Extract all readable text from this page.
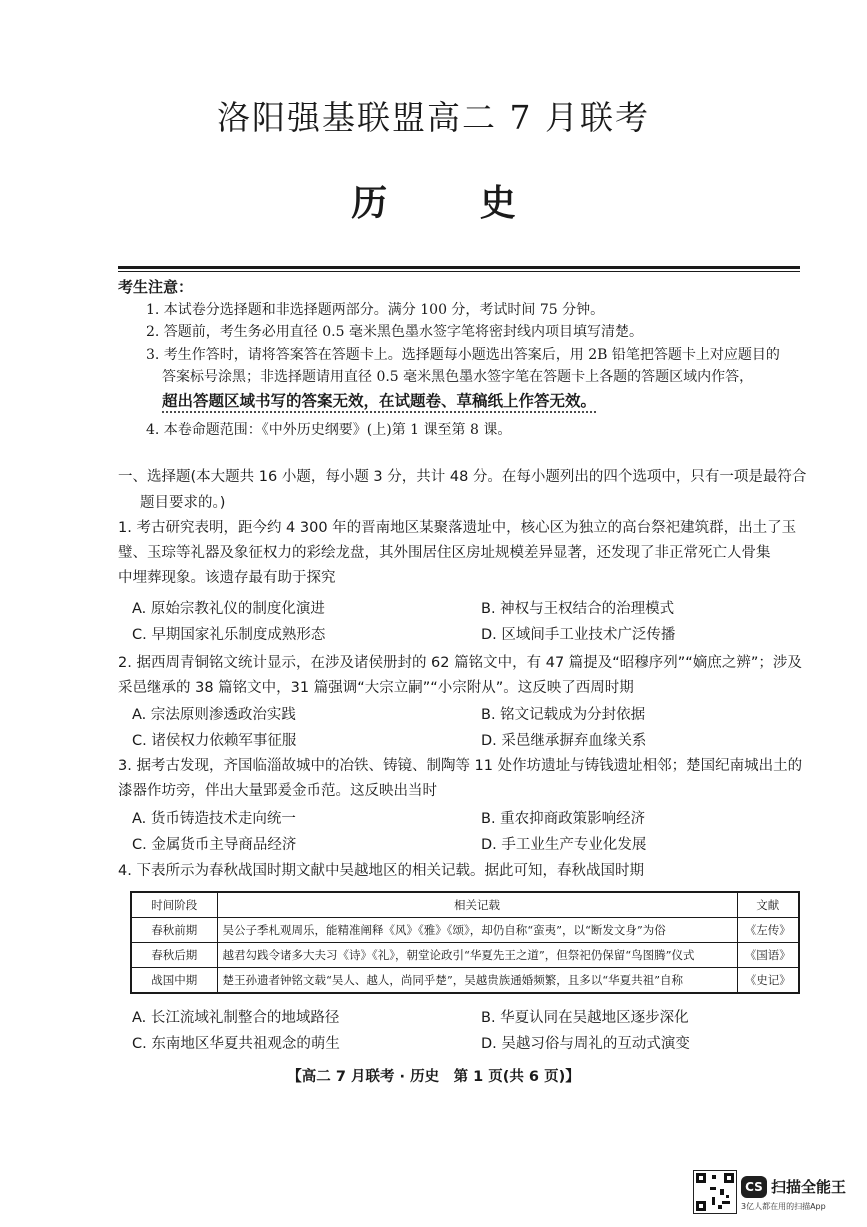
洛阳强基联盟高二 7 月联考
历 史
考生注意：
1. 本试卷分选择题和非选择题两部分。满分 100 分，考试时间 75 分钟。
2. 答题前，考生务必用直径 0.5 毫米黑色墨水签字笔将密封线内项目填写清楚。
3. 考生作答时，请将答案答在答题卡上。选择题每小题选出答案后，用 2B 铅笔把答题卡上对应题目的
答案标号涂黑；非选择题请用直径 0.5 毫米黑色墨水签字笔在答题卡上各题的答题区域内作答，
超出答题区域书写的答案无效，在试题卷、草稿纸上作答无效。
4. 本卷命题范围：《中外历史纲要》(上)第 1 课至第 8 课。
一、选择题(本大题共 16 小题，每小题 3 分，共计 48 分。在每小题列出的四个选项中，只有一项是最符合
题目要求的。)
1. 考古研究表明，距今约 4 300 年的晋南地区某聚落遗址中，核心区为独立的高台祭祀建筑群，出土了玉
璧、玉琮等礼器及象征权力的彩绘龙盘，其外围居住区房址规模差异显著，还发现了非正常死亡人骨集
中埋葬现象。该遗存最有助于探究
A. 原始宗教礼仪的制度化演进	B. 神权与王权结合的治理模式
C. 早期国家礼乐制度成熟形态	D. 区域间手工业技术广泛传播
2. 据西周青铜铭文统计显示，在涉及诸侯册封的 62 篇铭文中，有 47 篇提及“昭穆序列”“嫡庶之辨”；涉及
采邑继承的 38 篇铭文中，31 篇强调“大宗立嗣”“小宗附从”。这反映了西周时期
A. 宗法原则渗透政治实践	B. 铭文记载成为分封依据
C. 诸侯权力依赖军事征服	D. 采邑继承摒弃血缘关系
3. 据考古发现，齐国临淄故城中的冶铁、铸镜、制陶等 11 处作坊遗址与铸钱遗址相邻；楚国纪南城出土的
漆器作坊旁，伴出大量郢爰金币范。这反映出当时
A. 货币铸造技术走向统一	B. 重农抑商政策影响经济
C. 金属货币主导商品经济	D. 手工业生产专业化发展
4. 下表所示为春秋战国时期文献中吴越地区的相关记载。据此可知，春秋战国时期
时间阶段	相关记载	文献
春秋前期	吴公子季札观周乐，能精准阐释《风》《雅》《颂》，却仍自称“蛮夷”，以“断发文身”为俗	《左传》
春秋后期	越君勾践令诸多大夫习《诗》《礼》，朝堂论政引“华夏先王之道”，但祭祀仍保留“鸟图腾”仪式	《国语》
战国中期	楚王孙遗者钟铭文载“吴人、越人，尚同乎楚”，吴越贵族通婚频繁，且多以“华夏共祖”自称	《史记》
A. 长江流域礼制整合的地域路径	B. 华夏认同在吴越地区逐步深化
C. 东南地区华夏共祖观念的萌生	D. 吴越习俗与周礼的互动式演变
【高二 7 月联考 · 历史　第 1 页(共 6 页)】
CS 扫描全能王
3亿人都在用的扫描App
